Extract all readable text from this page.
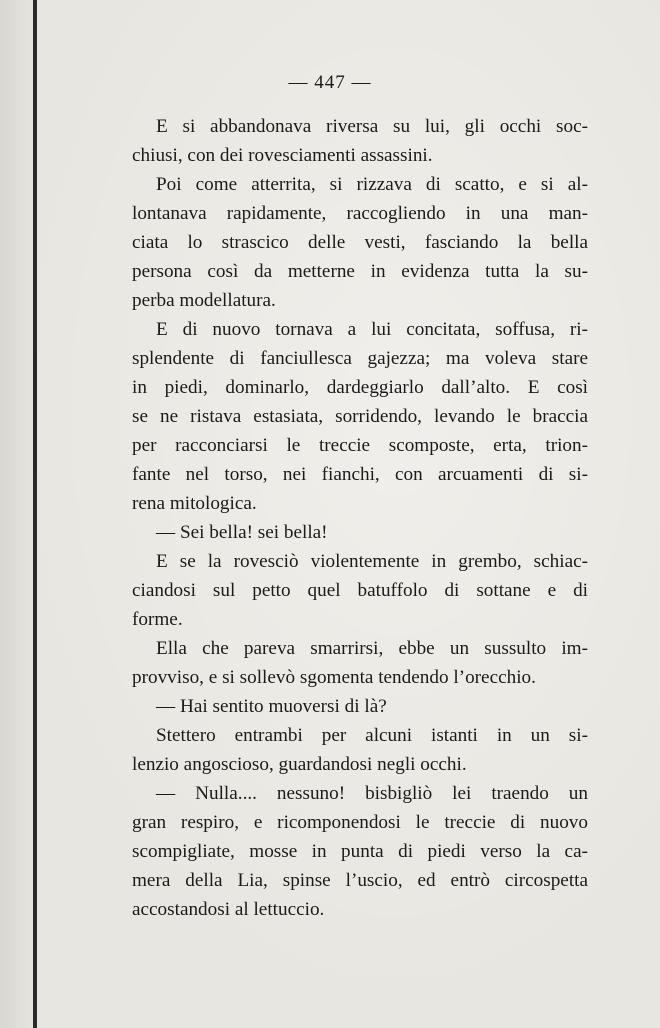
— 447 —
E si abbandonava riversa su lui, gli occhi soc-
chiusi, con dei rovesciamenti assassini.
Poi come atterrita, si rizzava di scatto, e si al-
lontanava rapidamente, raccogliendo in una man-
ciata lo strascico delle vesti, fasciando la bella
persona così da metterne in evidenza tutta la su-
perba modellatura.
E di nuovo tornava a lui concitata, soffusa, ri-
splendente di fanciullesca gajezza; ma voleva stare
in piedi, dominarlo, dardeggiarlo dall’alto. E così
se ne ristava estasiata, sorridendo, levando le braccia
per racconciarsi le treccie scomposte, erta, trion-
fante nel torso, nei fianchi, con arcuamenti di si-
rena mitologica.
— Sei bella! sei bella!
E se la rovesciò violentemente in grembo, schiac-
ciandosi sul petto quel batuffolo di sottane e di
forme.
Ella che pareva smarrirsi, ebbe un sussulto im-
provviso, e si sollevò sgomenta tendendo l’orecchio.
— Hai sentito muoversi di là?
Stettero entrambi per alcuni istanti in un si-
lenzio angoscioso, guardandosi negli occhi.
— Nulla.... nessuno! bisbigliò lei traendo un
gran respiro, e ricomponendosi le treccie di nuovo
scompigliate, mosse in punta di piedi verso la ca-
mera della Lia, spinse l’uscio, ed entrò circospetta
accostandosi al lettuccio.
